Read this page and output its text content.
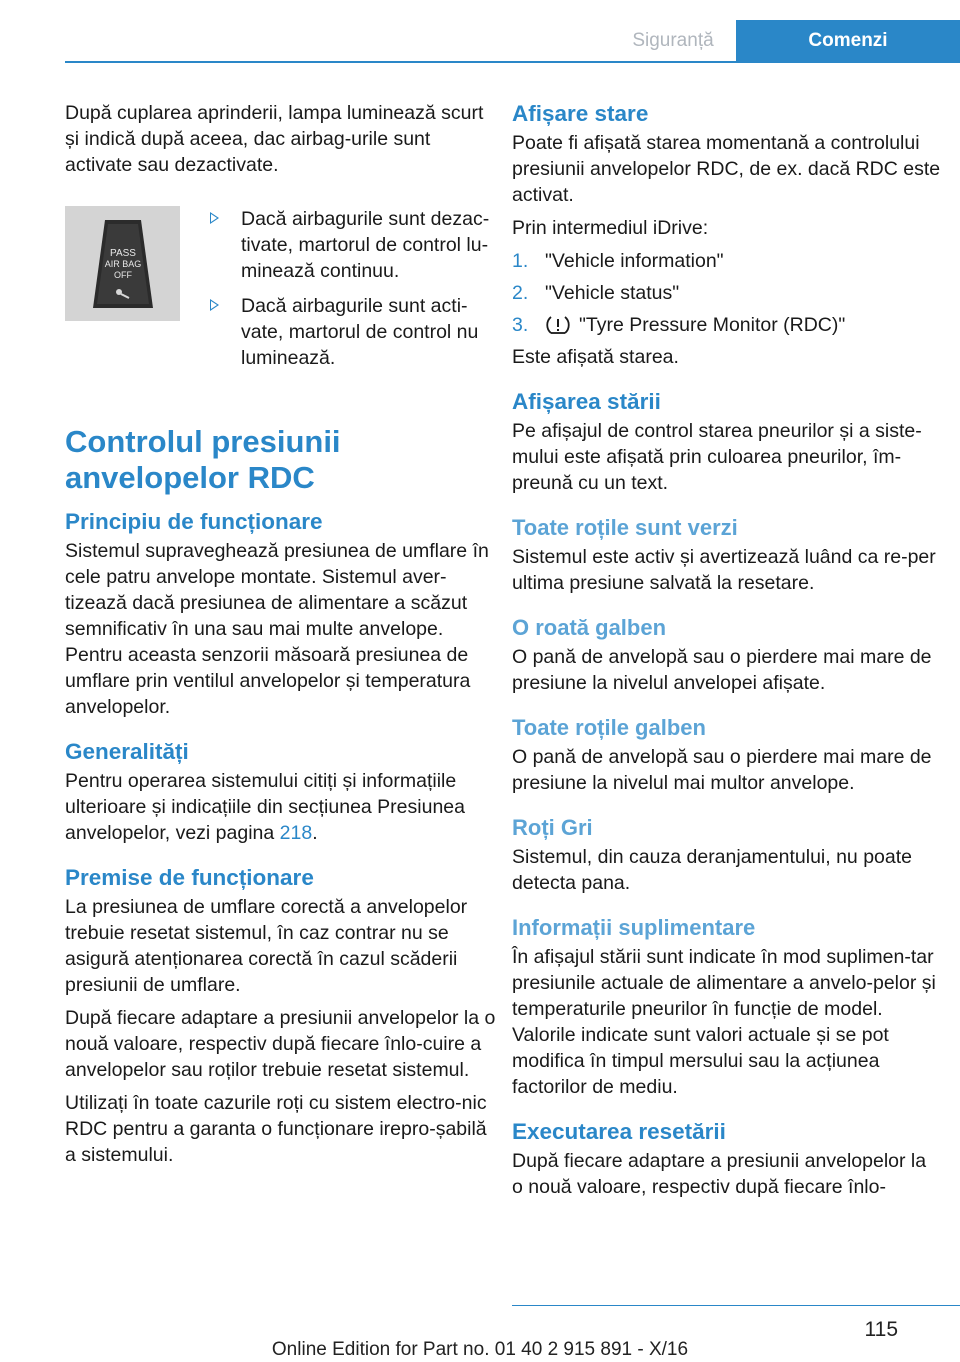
Siguranță	Comenzi

După cuplarea aprinderii, lampa luminează scurt și indică după aceea, dac airbag-urile sunt activate sau dezactivate.

PASS
AIR BAG
OFF
Dacă airbagurile sunt dezac-tivate, martorul de control lu-minează continuu.
Dacă airbagurile sunt acti-vate, martorul de control nu luminează.
Controlul presiunii anvelopelor RDC
Principiu de funcționare

Sistemul supraveghează presiunea de umflare în cele patru anvelope montate. Sistemul aver-tizează dacă presiunea de alimentare a scăzut semnificativ în una sau mai multe anvelope. Pentru aceasta senzorii măsoară presiunea de umflare prin ventilul anvelopelor și temperatura anvelopelor.

Generalități

Pentru operarea sistemului citiți și informațiile ulterioare și indicațiile din secțiunea Presiunea anvelopelor, vezi pagina 218.

Premise de funcționare

La presiunea de umflare corectă a anvelopelor trebuie resetat sistemul, în caz contrar nu se asigură atenționarea corectă în cazul scăderii presiunii de umflare.

După fiecare adaptare a presiunii anvelopelor la o nouă valoare, respectiv după fiecare înlo-cuire a anvelopelor sau roților trebuie resetat sistemul.

Utilizați în toate cazurile roți cu sistem electro-nic RDC pentru a garanta o funcționare irepro-șabilă a sistemului.

Afișare stare

Poate fi afișată starea momentană a controlului presiunii anvelopelor RDC, de ex. dacă RDC este activat.

Prin intermediul iDrive:

1. "Vehicle information"
2. "Vehicle status"
3.	"Tyre Pressure Monitor (RDC)"

Este afișată starea.

Afișarea stării

Pe afișajul de control starea pneurilor și a siste-mului este afișată prin culoarea pneurilor, îm-preună cu un text.

Toate roțile sunt verzi

Sistemul este activ și avertizează luând ca re-per ultima presiune salvată la resetare.

O roată galben

O pană de anvelopă sau o pierdere mai mare de presiune la nivelul anvelopei afișate.

Toate roțile galben

O pană de anvelopă sau o pierdere mai mare de presiune la nivelul mai multor anvelope.

Roți Gri

Sistemul, din cauza deranjamentului, nu poate detecta pana.

Informații suplimentare

În afișajul stării sunt indicate în mod suplimen-tar presiunile actuale de alimentare a anvelo-pelor și temperaturile pneurilor în funcție de model. Valorile indicate sunt valori actuale și se pot modifica în timpul mersului sau la acțiunea factorilor de mediu.

Executarea resetării

După fiecare adaptare a presiunii anvelopelor la o nouă valoare, respectiv după fiecare înlo-

115
Online Edition for Part no. 01 40 2 915 891 - X/16
